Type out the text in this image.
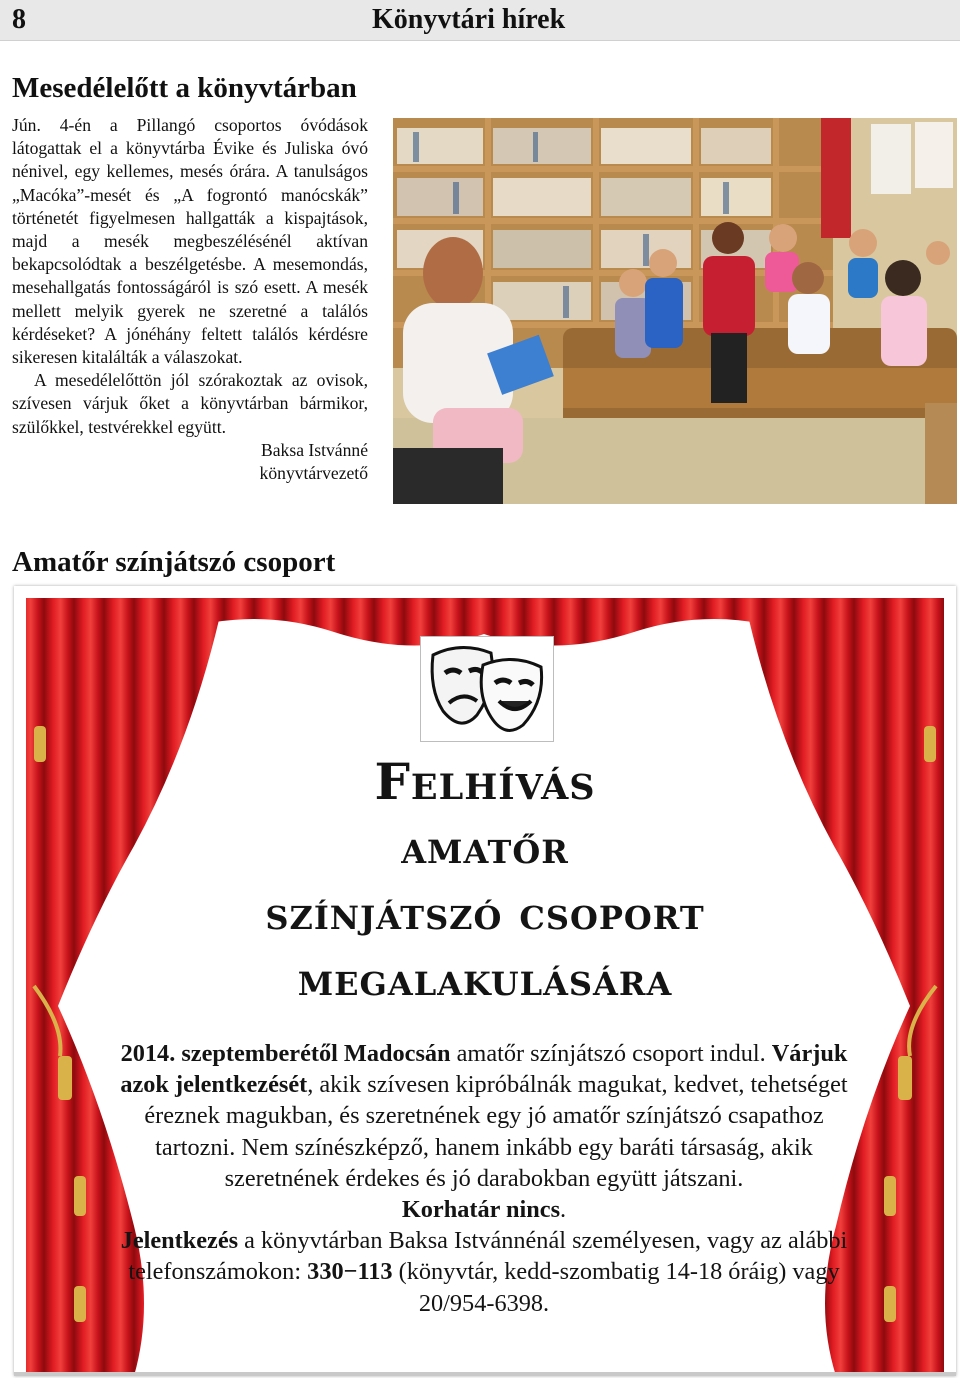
8	Könyvtári hírek
Mesedélelőtt a könyvtárban

Jún. 4-én a Pillangó csoportos óvódások látogattak el a könyvtárba Évike és Juliska óvó nénivel, egy kellemes, mesés órára. A tanulságos „Macóka”-mesét és „A fogrontó manócskák” történetét figyelmesen hallgatták a kispajtások, majd a mesék megbeszélésénél aktívan bekapcsolódtak a beszélgetésbe. A mesemondás, mesehallgatás fontosságáról is szó esett. A mesék mellett melyik gyerek ne szeretné a találós kérdéseket? A jónéhány feltett találós kérdésre sikeresen kitalálták a válaszokat.

A mesedélelőttön jól szórakoztak az ovisok, szívesen várjuk őket a könyvtárban bármikor, szülőkkel, testvérekkel együtt.

Baksa Istvánné

könyvtárvezető

Amatőr színjátszó csoport
Felhívás
amatőr
színjátszó csoport
megalakulására

2014. szeptemberétől Madocsán amatőr színjátszó csoport indul. Várjuk azok jelentkezését, akik szívesen kipróbálnák magukat, kedvet, tehetséget éreznek magukban, és szeretnének egy jó amatőr színjátszó csapathoz tartozni. Nem színészképző, hanem inkább egy baráti társaság, akik szeretnének érdekes és jó darabokban együtt játszani.

Korhatár nincs.

Jelentkezés a könyvtárban Baksa Istvánnénál személyesen, vagy az alábbi telefonszámokon: 330−113 (könyvtár, kedd-szombatig 14-18 óráig) vagy 20/954-6398.
